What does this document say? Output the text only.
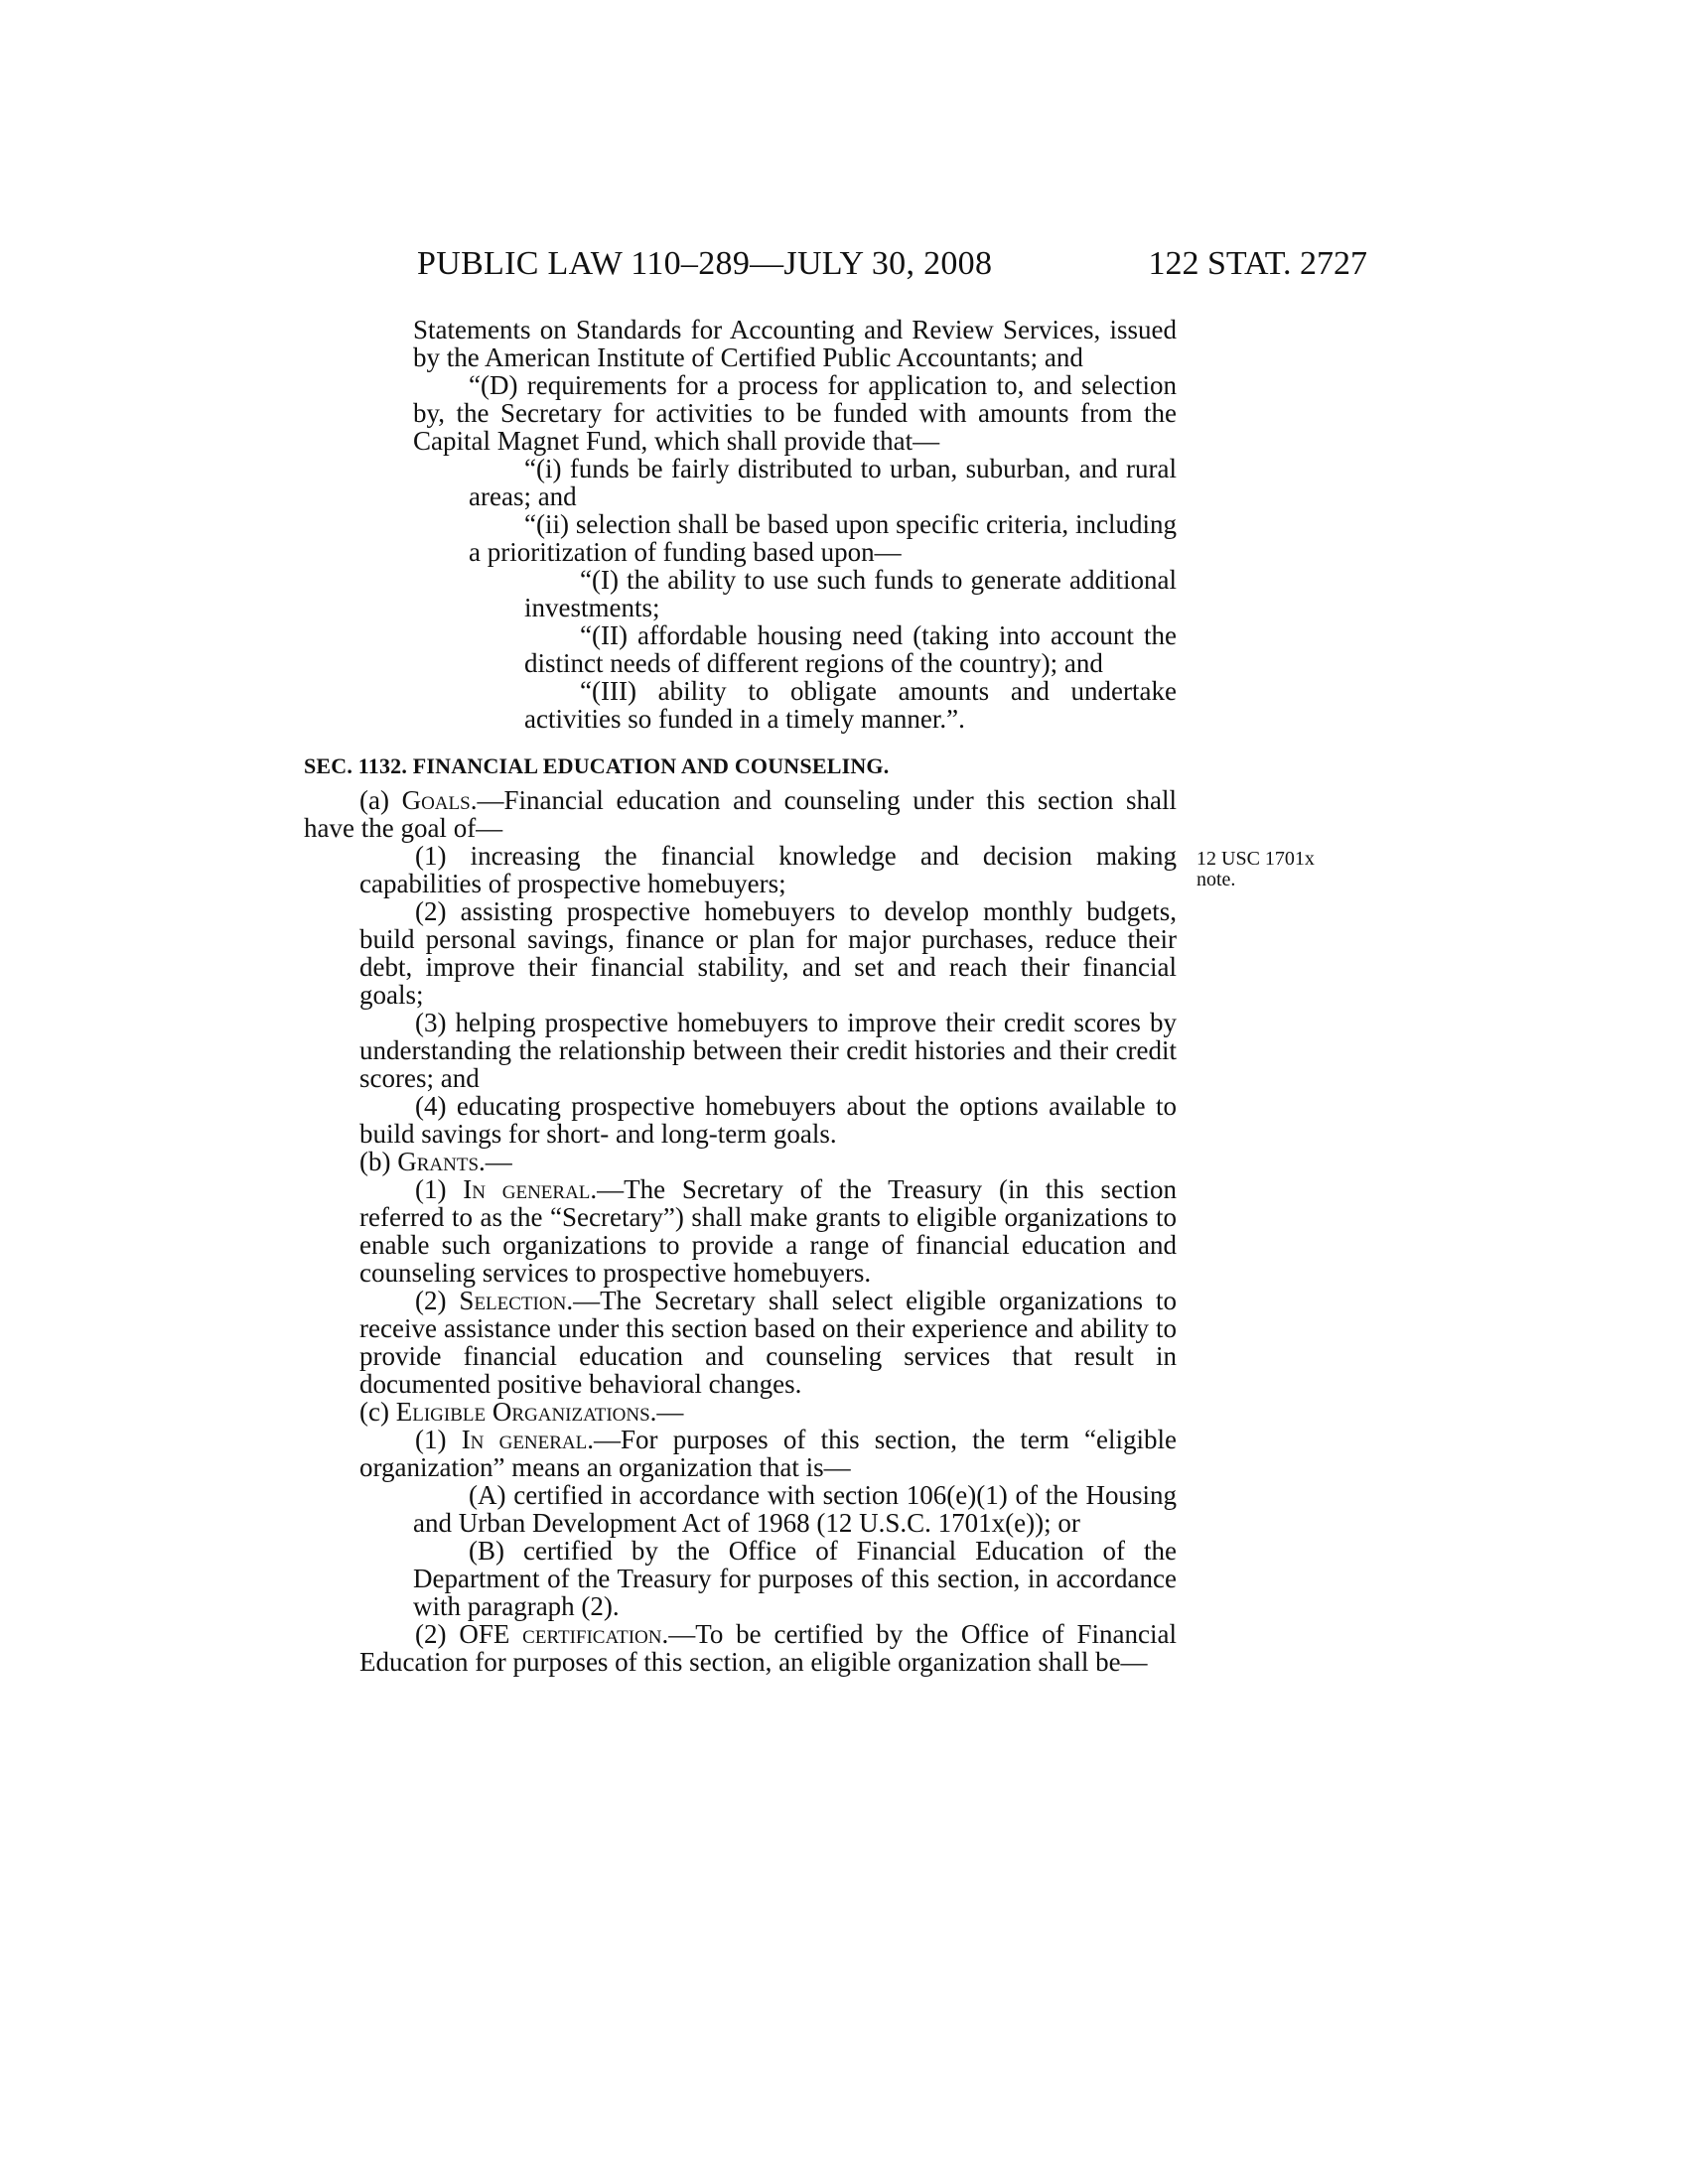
PUBLIC LAW 110–289—JULY 30, 2008	122 STAT. 2727
12 USC 1701x
note.

Statements on Standards for Accounting and Review Services, issued by the American Institute of Certified Public Accountants; and

“(D) requirements for a process for application to, and selection by, the Secretary for activities to be funded with amounts from the Capital Magnet Fund, which shall provide that—

“(i) funds be fairly distributed to urban, suburban, and rural areas; and

“(ii) selection shall be based upon specific criteria, including a prioritization of funding based upon—

“(I) the ability to use such funds to generate additional investments;

“(II) affordable housing need (taking into account the distinct needs of different regions of the country); and

“(III) ability to obligate amounts and undertake activities so funded in a timely manner.”.

SEC. 1132. FINANCIAL EDUCATION AND COUNSELING.

(a) Goals.—Financial education and counseling under this section shall have the goal of—

(1) increasing the financial knowledge and decision making capabilities of prospective homebuyers;

(2) assisting prospective homebuyers to develop monthly budgets, build personal savings, finance or plan for major purchases, reduce their debt, improve their financial stability, and set and reach their financial goals;

(3) helping prospective homebuyers to improve their credit scores by understanding the relationship between their credit histories and their credit scores; and

(4) educating prospective homebuyers about the options available to build savings for short- and long-term goals.

(b) Grants.—

(1) In general.—The Secretary of the Treasury (in this section referred to as the “Secretary”) shall make grants to eligible organizations to enable such organizations to provide a range of financial education and counseling services to prospective homebuyers.

(2) Selection.—The Secretary shall select eligible organizations to receive assistance under this section based on their experience and ability to provide financial education and counseling services that result in documented positive behavioral changes.

(c) Eligible Organizations.—

(1) In general.—For purposes of this section, the term “eligible organization” means an organization that is—

(A) certified in accordance with section 106(e)(1) of the Housing and Urban Development Act of 1968 (12 U.S.C. 1701x(e)); or

(B) certified by the Office of Financial Education of the Department of the Treasury for purposes of this section, in accordance with paragraph (2).

(2) OFE certification.—To be certified by the Office of Financial Education for purposes of this section, an eligible organization shall be—
